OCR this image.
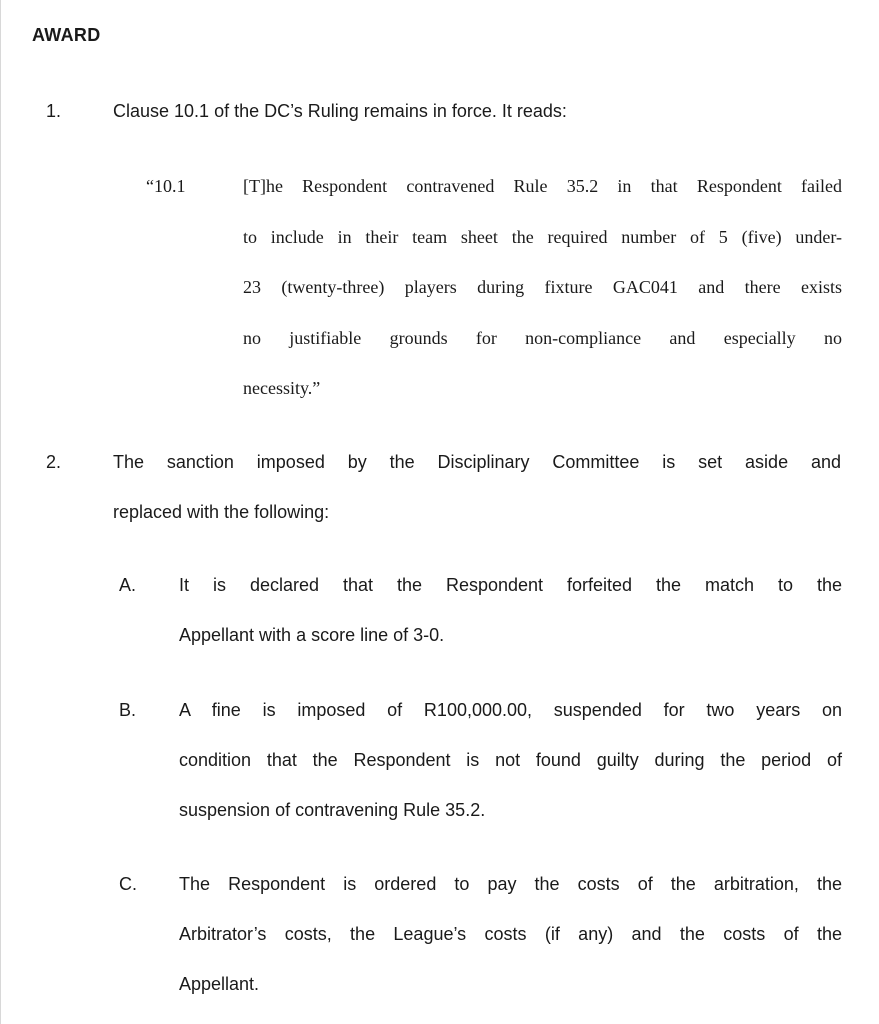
AWARD
1.	Clause 10.1 of the DC’s Ruling remains in force. It reads:
“10.1	[T]he Respondent contravened Rule 35.2 in that Respondent failed
to include in their team sheet the required number of 5 (five) under-
23 (twenty-three) players during fixture GAC041 and there exists
no justifiable grounds for non-compliance and especially no
necessity.”
2.	The sanction imposed by the Disciplinary Committee is set aside and
replaced with the following:
A. It is declared that the Respondent forfeited the match to the
Appellant with a score line of 3-0.
B. A fine is imposed of R100,000.00, suspended for two years on
condition that the Respondent is not found guilty during the period of
suspension of contravening Rule 35.2.
C. The Respondent is ordered to pay the costs of the arbitration, the
Arbitrator’s costs, the League’s costs (if any) and the costs of the
Appellant.
